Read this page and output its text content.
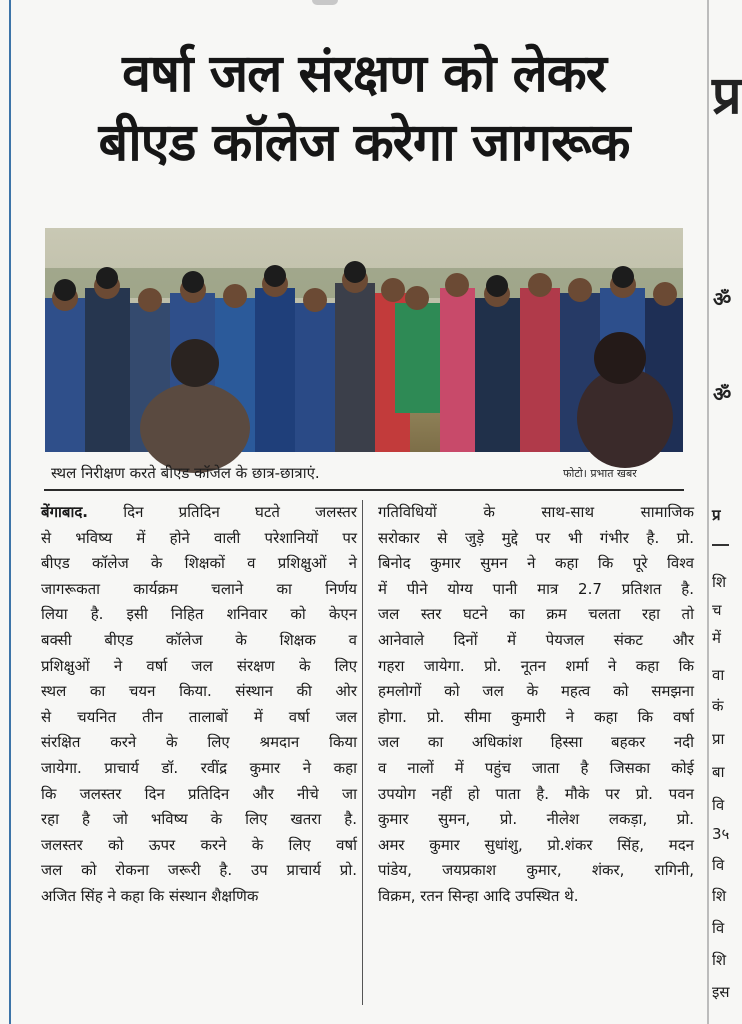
वर्षा जल संरक्षण को लेकर
बीएड कॉलेज करेगा जागरूक
स्थल निरीक्षण करते बीएड कॉजेल के छात्र-छात्राएं.	फोटो। प्रभात खबर
बेंगाबाद. दिन प्रतिदिन घटते जलस्तर
से भविष्य में होने वाली परेशानियों पर
बीएड कॉलेज के शिक्षकों व प्रशिक्षुओं ने
जागरूकता कार्यक्रम चलाने का निर्णय
लिया है. इसी निहित शनिवार को केएन
बक्सी बीएड कॉलेज के शिक्षक व
प्रशिक्षुओं ने वर्षा जल संरक्षण के लिए
स्थल का चयन किया. संस्थान की ओर
से चयनित तीन तालाबों में वर्षा जल
संरक्षित करने के लिए श्रमदान किया
जायेगा. प्राचार्य डॉ. रवींद्र कुमार ने कहा
कि जलस्तर दिन प्रतिदिन और नीचे जा
रहा है जो भविष्य के लिए खतरा है.
जलस्तर को ऊपर करने के लिए वर्षा
जल को रोकना जरूरी है. उप प्राचार्य प्रो.
अजित सिंह ने कहा कि संस्थान शैक्षणिक
गतिविधियों के साथ-साथ सामाजिक
सरोकार से जुड़े मुद्दे पर भी गंभीर है. प्रो.
बिनोद कुमार सुमन ने कहा कि पूरे विश्व
में पीने योग्य पानी मात्र 2.7 प्रतिशत है.
जल स्तर घटने का क्रम चलता रहा तो
आनेवाले दिनों में पेयजल संकट और
गहरा जायेगा. प्रो. नूतन शर्मा ने कहा कि
हमलोगों को जल के महत्व को समझना
होगा. प्रो. सीमा कुमारी ने कहा कि वर्षा
जल का अधिकांश हिस्सा बहकर नदी
व नालों में पहुंच जाता है जिसका कोई
उपयोग नहीं हो पाता है. मौके पर प्रो. पवन
कुमार सुमन, प्रो. नीलेश लकड़ा, प्रो.
अमर कुमार सुधांशु, प्रो.शंकर सिंह, मदन
पांडेय, जयप्रकाश कुमार, शंकर, रागिनी,
विक्रम, रतन सिन्हा आदि उपस्थित थे.
प्र
ॐ
ॐ
प्र
शि
च
में
वा
कं
प्रा
बा
वि
3५
वि
शि
वि
शि
इस
